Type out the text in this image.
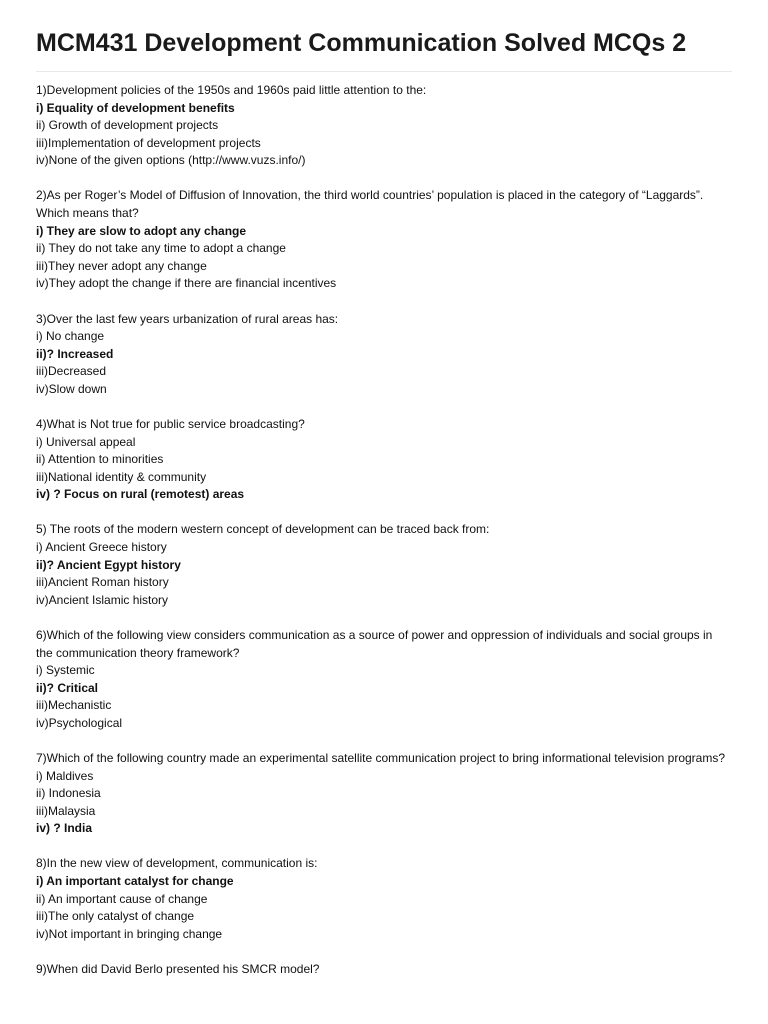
MCM431 Development Communication Solved MCQs 2
1)Development policies of the 1950s and 1960s paid little attention to the:
i) Equality of development benefits
ii) Growth of development projects
iii)Implementation of development projects
iv)None of the given options (http://www.vuzs.info/)
2)As per Roger’s Model of Diffusion of Innovation, the third world countries’ population is placed in the category of “Laggards”. Which means that?
i) They are slow to adopt any change
ii) They do not take any time to adopt a change
iii)They never adopt any change
iv)They adopt the change if there are financial incentives
3)Over the last few years urbanization of rural areas has:
i) No change
ii)? Increased
iii)Decreased
iv)Slow down
4)What is Not true for public service broadcasting?
i) Universal appeal
ii) Attention to minorities
iii)National identity & community
iv) ? Focus on rural (remotest) areas
5) The roots of the modern western concept of development can be traced back from:
i) Ancient Greece history
ii)? Ancient Egypt history
iii)Ancient Roman history
iv)Ancient Islamic history
6)Which of the following view considers communication as a source of power and oppression of individuals and social groups in the communication theory framework?
i) Systemic
ii)? Critical
iii)Mechanistic
iv)Psychological
7)Which of the following country made an experimental satellite communication project to bring informational television programs?
i) Maldives
ii) Indonesia
iii)Malaysia
iv) ? India
8)In the new view of development, communication is:
i) An important catalyst for change
ii) An important cause of change
iii)The only catalyst of change
iv)Not important in bringing change
9)When did David Berlo presented his SMCR model?
